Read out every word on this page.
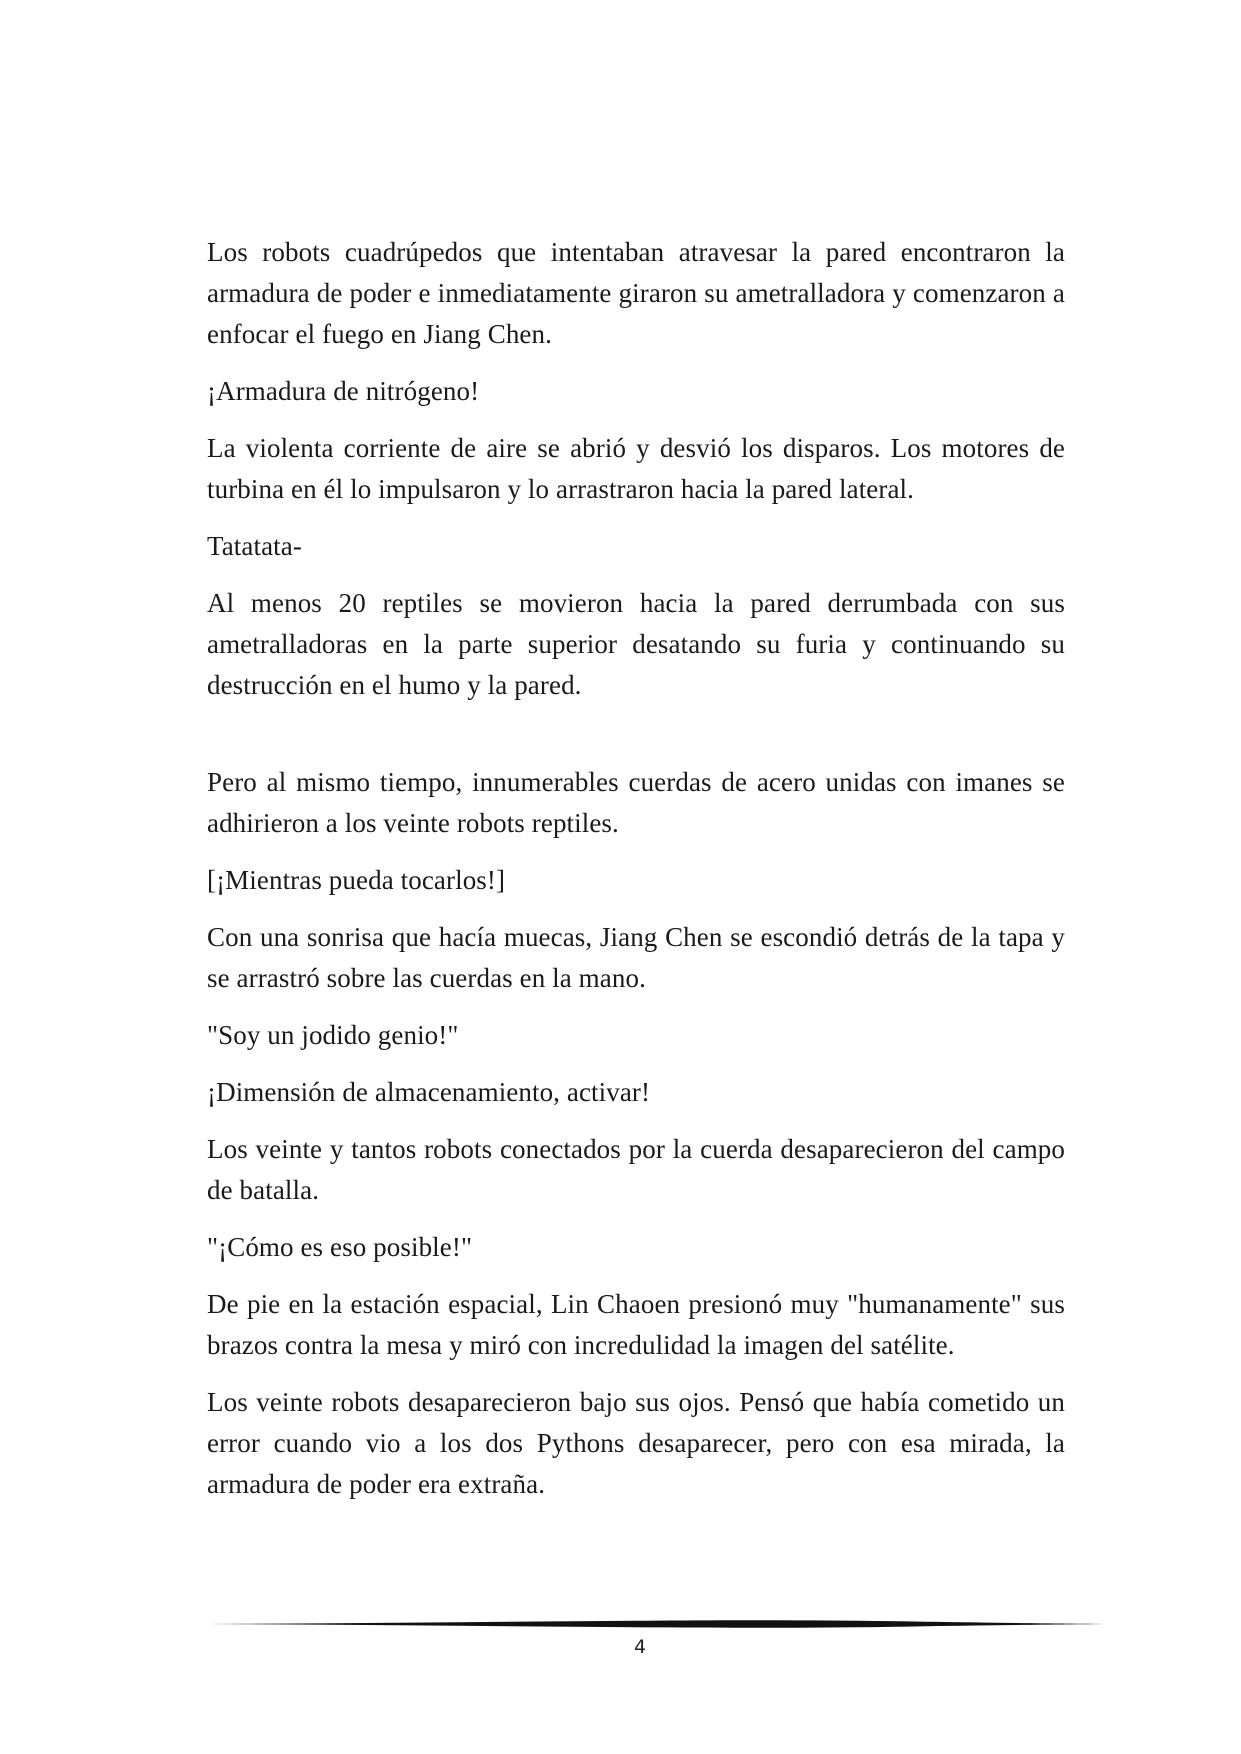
Los robots cuadrúpedos que intentaban atravesar la pared encontraron la armadura de poder e inmediatamente giraron su ametralladora y comenzaron a enfocar el fuego en Jiang Chen.

¡Armadura de nitrógeno!

La violenta corriente de aire se abrió y desvió los disparos. Los motores de turbina en él lo impulsaron y lo arrastraron hacia la pared lateral.

Tatatata-

Al menos 20 reptiles se movieron hacia la pared derrumbada con sus ametralladoras en la parte superior desatando su furia y continuando su destrucción en el humo y la pared.

Pero al mismo tiempo, innumerables cuerdas de acero unidas con imanes se adhirieron a los veinte robots reptiles.

[¡Mientras pueda tocarlos!]

Con una sonrisa que hacía muecas, Jiang Chen se escondió detrás de la tapa y se arrastró sobre las cuerdas en la mano.

"Soy un jodido genio!"

¡Dimensión de almacenamiento, activar!

Los veinte y tantos robots conectados por la cuerda desaparecieron del campo de batalla.

"¡Cómo es eso posible!"

De pie en la estación espacial, Lin Chaoen presionó muy "humanamente" sus brazos contra la mesa y miró con incredulidad la imagen del satélite.

Los veinte robots desaparecieron bajo sus ojos. Pensó que había cometido un error cuando vio a los dos Pythons desaparecer, pero con esa mirada, la armadura de poder era extraña.

4
